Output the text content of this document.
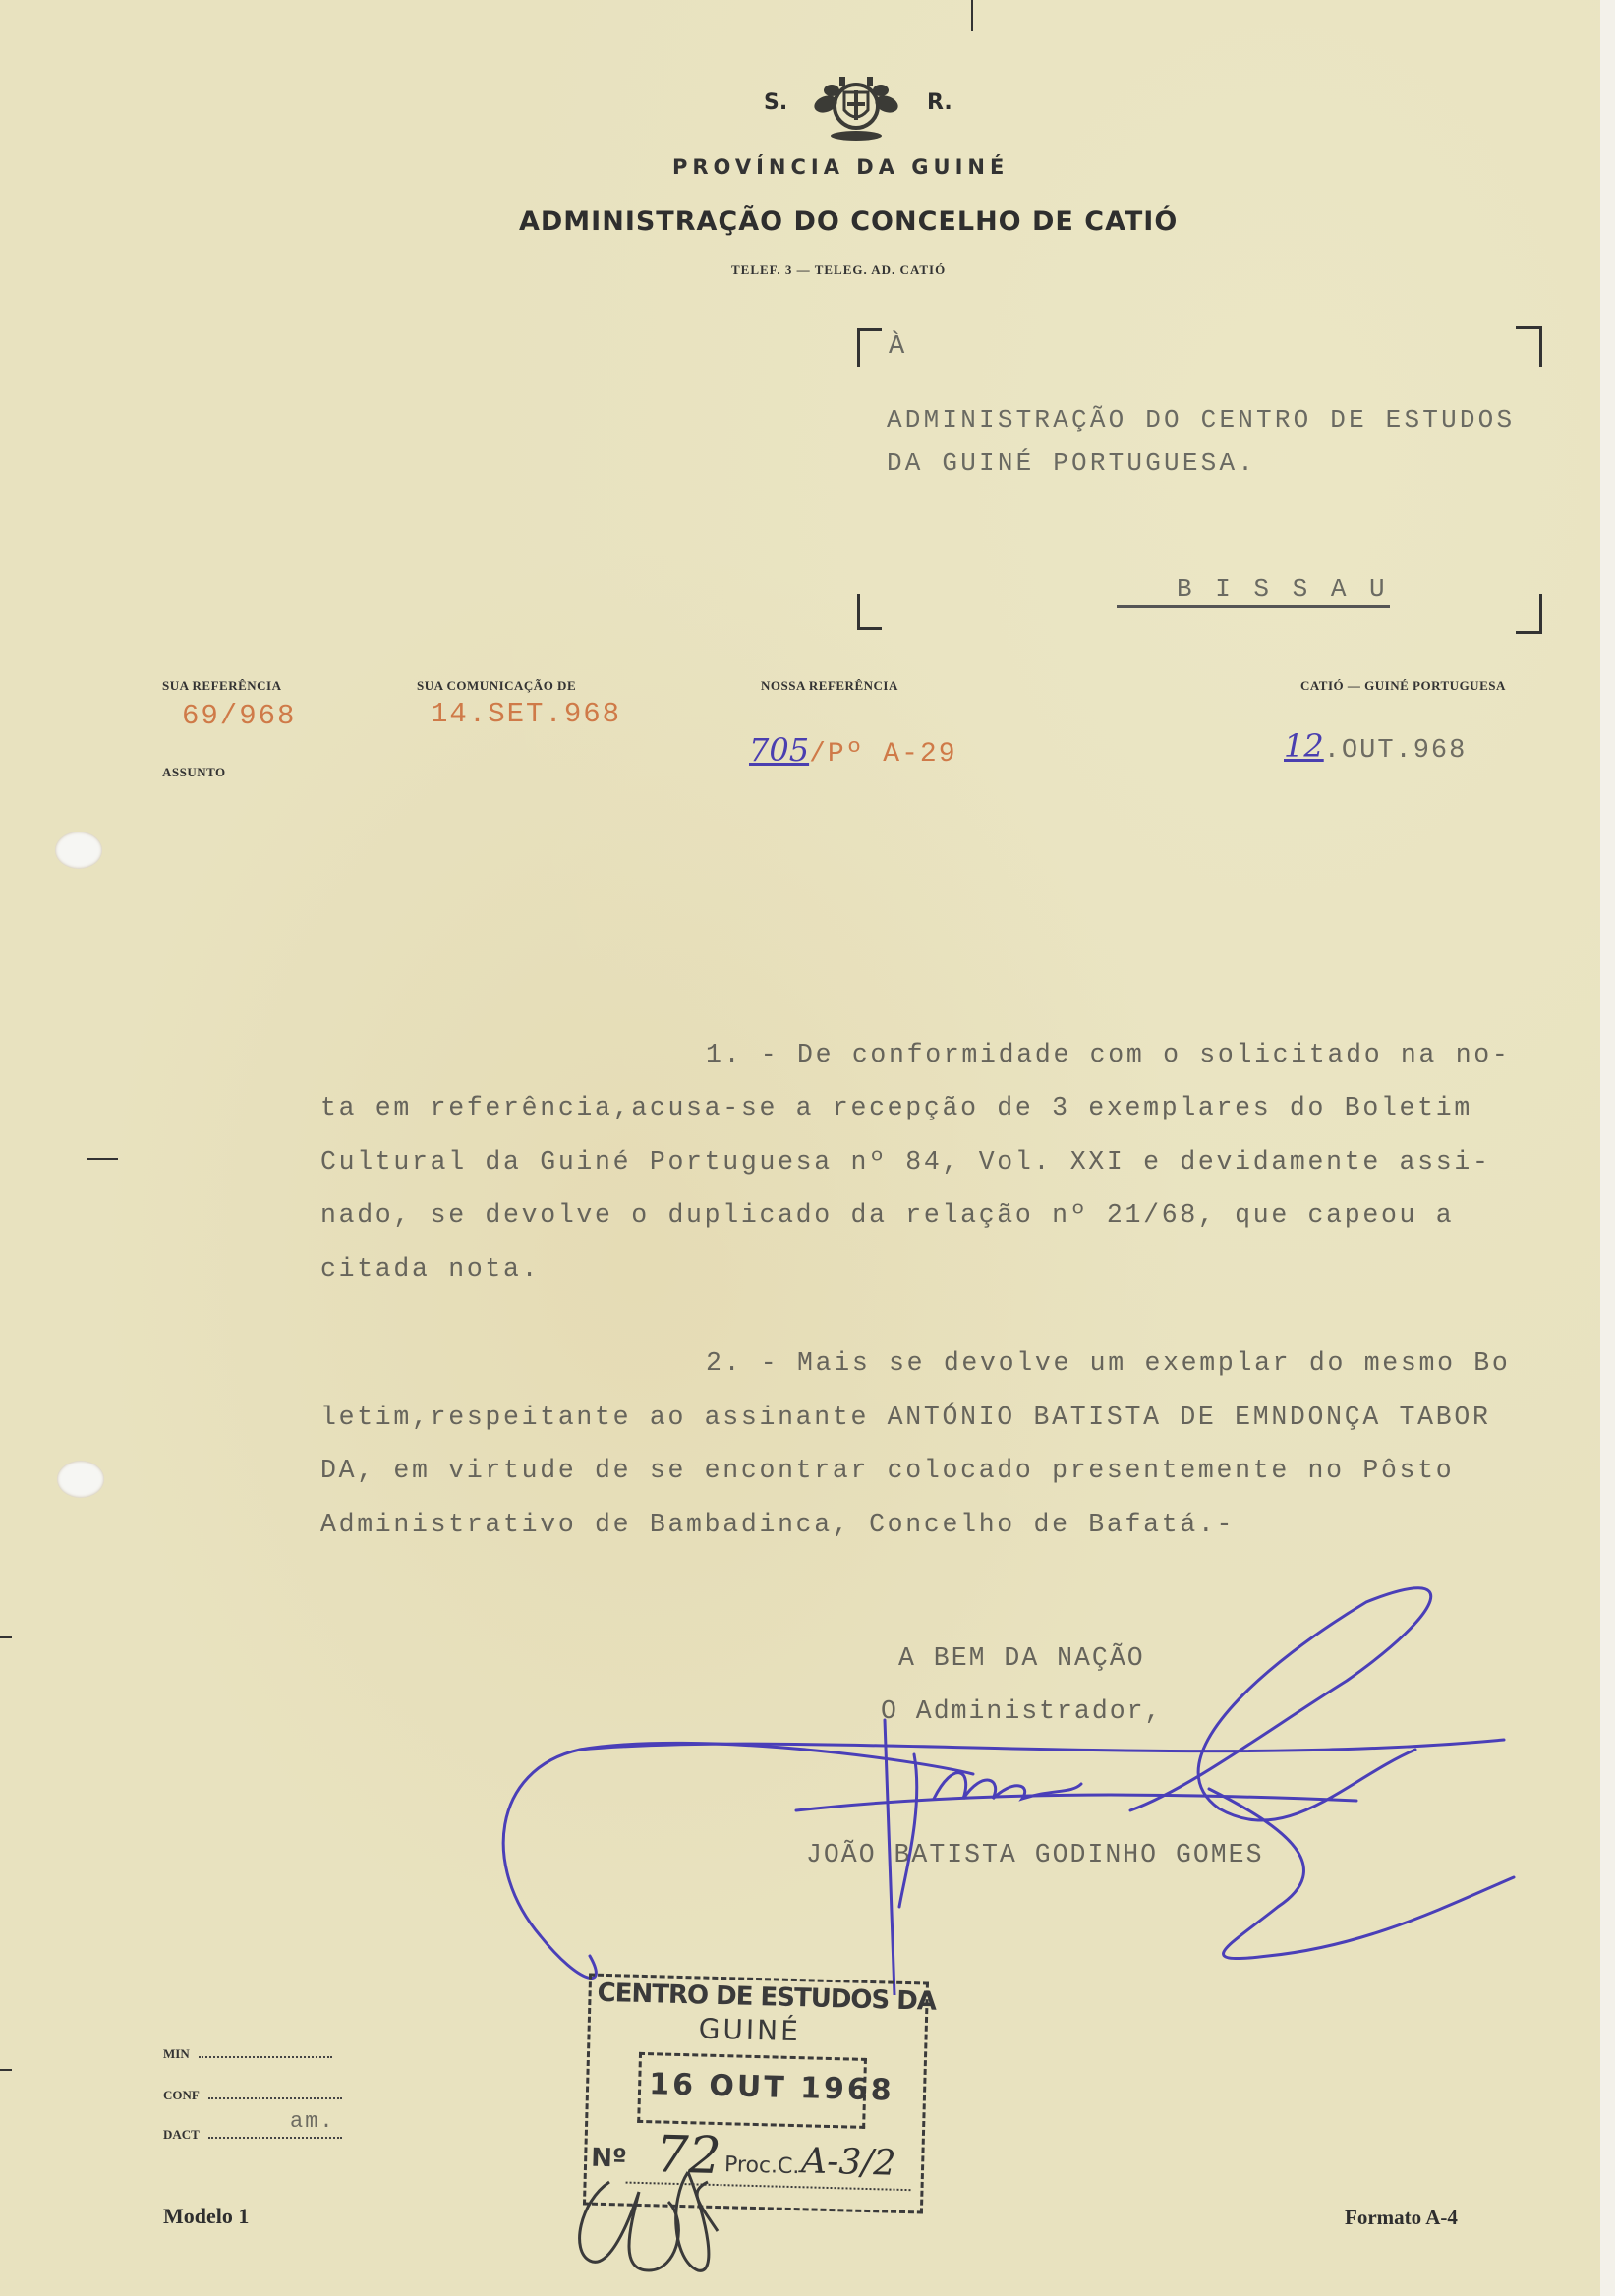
S.	R.
PROVÍNCIA DA GUINÉ
ADMINISTRAÇÃO DO CONCELHO DE CATIÓ
TELEF. 3 — TELEG. AD. CATIÓ
À
ADMINISTRAÇÃO DO CENTRO DE ESTUDOS
DA GUINÉ PORTUGUESA.
B I S S A U
SUA REFERÊNCIA
69/968
SUA COMUNICAÇÃO DE
14.SET.968
NOSSA REFERÊNCIA
705/Pº A-29
CATIÓ — GUINÉ PORTUGUESA
12.OUT.968
ASSUNTO
1. - De conformidade com o solicitado na no-
ta em referência,acusa-se a recepção de 3 exemplares do Boletim
Cultural da Guiné Portuguesa nº 84, Vol. XXI e devidamente assi-
nado, se devolve o duplicado da relação nº 21/68, que capeou a
citada nota.
2. - Mais se devolve um exemplar do mesmo Bo
letim,respeitante ao assinante ANTÓNIO BATISTA DE EMNDONÇA TABOR
DA, em virtude de se encontrar colocado presentemente no Pôsto
Administrativo de Bambadinca, Concelho de Bafatá.-
A BEM DA NAÇÃO
O Administrador,
JOÃO BATISTA GODINHO GOMES
CENTRO DE ESTUDOS DA
GUINÉ
16 OUT 1968
Nº 72 Proc.C. A-3/2
MIN
CONF
am.
DACT
Modelo 1	Formato A-4
